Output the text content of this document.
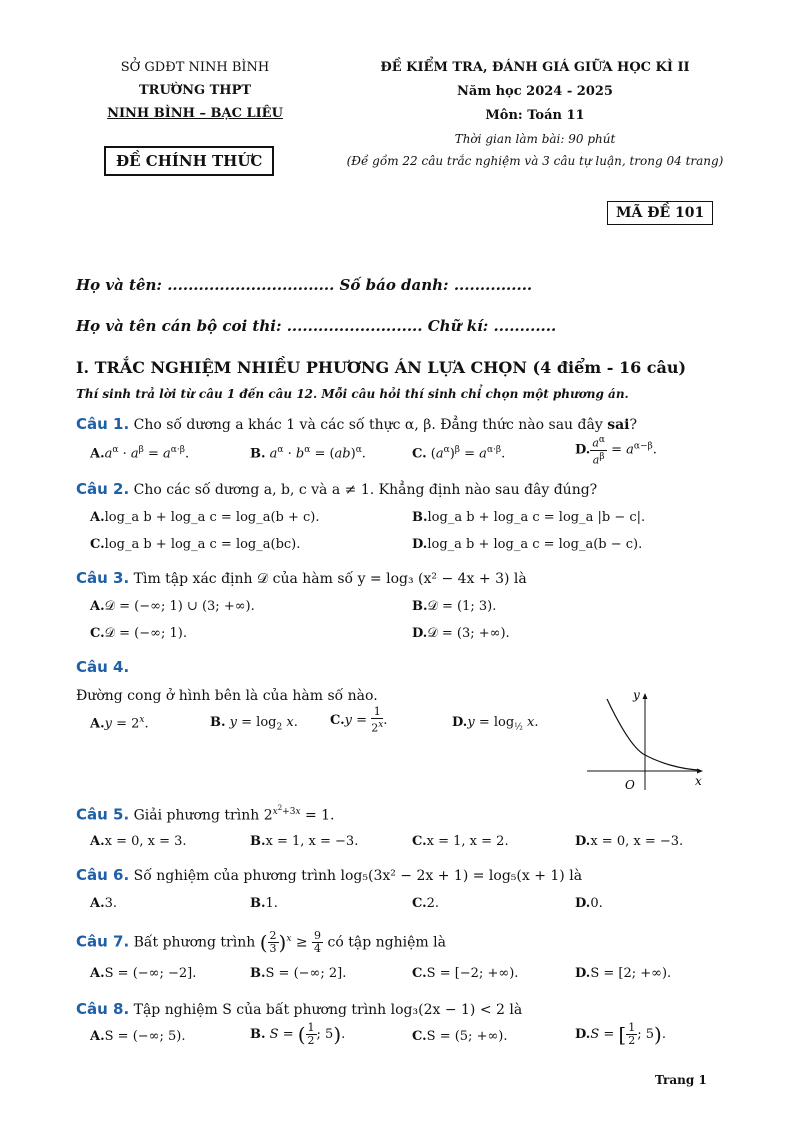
SỞ GDĐT NINH BÌNH
TRƯỜNG THPT
NINH BÌNH – BẠC LIÊU
ĐỀ CHÍNH THỨC
ĐỀ KIỂM TRA, ĐÁNH GIÁ GIỮA HỌC KÌ II
Năm học 2024 - 2025
Môn: Toán 11
Thời gian làm bài: 90 phút
(Đề gồm 22 câu trắc nghiệm và 3 câu tự luận, trong 04 trang)
MÃ ĐỀ 101
Họ và tên: ................................ Số báo danh: ...............
Họ và tên cán bộ coi thi: .......................... Chữ kí: ............
I. TRẮC NGHIỆM NHIỀU PHƯƠNG ÁN LỰA CHỌN (4 điểm - 16 câu)
Thí sinh trả lời từ câu 1 đến câu 12. Mỗi câu hỏi thí sinh chỉ chọn một phương án.
Câu 1. Cho số dương a khác 1 và các số thực α, β. Đẳng thức nào sau đây sai?
$A.a^\alpha \cdot a^\beta = a^{\alpha\cdot\beta}$.	B. $a^\alpha \cdot b^\alpha = (ab)^\alpha$.	C. $(a^\alpha)^\beta = a^{\alpha\cdot\beta}$.	D. $\frac{a^\alpha}{a^\beta} = a^{\alpha-\beta}$.
Câu 2. Cho các số dương a, b, c và a ≠ 1. Khẳng định nào sau đây đúng?
A.log_a b + log_a c = log_a(b + c).	B.log_a b + log_a c = log_a |b − c|.
C.log_a b + log_a c = log_a(bc).	D.log_a b + log_a c = log_a(b − c).
Câu 3. Tìm tập xác định 𝒟 của hàm số y = log₃ (x² − 4x + 3) là
A.𝒟 = (−∞; 1) ∪ (3; +∞).	B.𝒟 = (1; 3).
C.𝒟 = (−∞; 1).	D.𝒟 = (3; +∞).
Câu 4.
Đường cong ở hình bên là của hàm số nào.
$A.y = 2^x$.	B. $y = \log_2 x$. $C.y = \frac{1}{2^x}$ .	$D.y = \log_{\frac{1}{2}} x$.
y
x
O
Câu 5. Giải phương trình $2^{x^2+3x} = 1$.
A.x = 0, x = 3.	B.x = 1, x = −3.	C.x = 1, x = 2.	D.x = 0, x = −3.
Câu 6. Số nghiệm của phương trình log₅(3x² − 2x + 1) = log₅(x + 1) là
A.3.	B.1.	C.2.	D.0.
Câu 7. Bất phương trình ( $\frac{2}{3} )^x \ge \frac{9}{4}$ có tập nghiệm là
A.S = (−∞; −2].	B.S = (−∞; 2].	C.S = [−2; +∞).	D.S = [2; +∞).
Câu 8. Tập nghiệm S của bất phương trình log₃(2x − 1) < 2 là
A.S = (−∞; 5).	B. S = ( $\frac{1}{2}$ ; 5).	C.S = (5; +∞).	D.S = [ $\frac{1}{2}$ ; 5).
Trang 1
